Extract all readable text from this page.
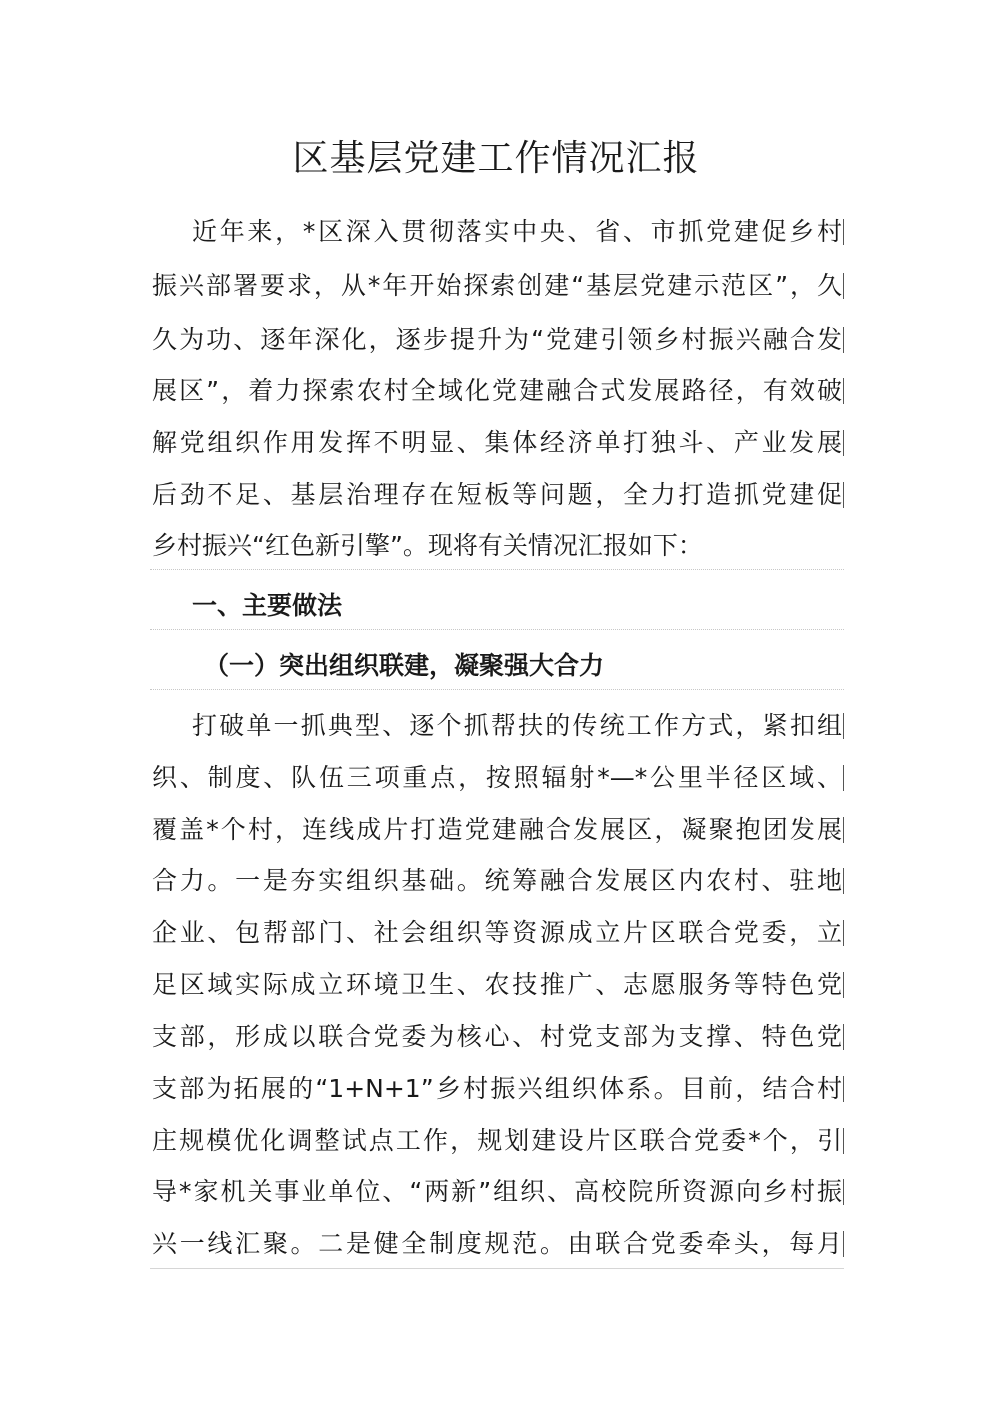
区基层党建工作情况汇报
近年来，*区深入贯彻落实中央、省、市抓党建促乡村
振兴部署要求，从*年开始探索创建“基层党建示范区”，久
久为功、逐年深化，逐步提升为“党建引领乡村振兴融合发
展区”，着力探索农村全域化党建融合式发展路径，有效破
解党组织作用发挥不明显、集体经济单打独斗、产业发展
后劲不足、基层治理存在短板等问题，全力打造抓党建促
乡村振兴“红色新引擎”。现将有关情况汇报如下：
一、主要做法
（一）突出组织联建，凝聚强大合力
打破单一抓典型、逐个抓帮扶的传统工作方式，紧扣组
织、制度、队伍三项重点，按照辐射*—*公里半径区域、
覆盖*个村，连线成片打造党建融合发展区，凝聚抱团发展
合力。一是夯实组织基础。统筹融合发展区内农村、驻地
企业、包帮部门、社会组织等资源成立片区联合党委，立
足区域实际成立环境卫生、农技推广、志愿服务等特色党
支部，形成以联合党委为核心、村党支部为支撑、特色党
支部为拓展的“1+N+1”乡村振兴组织体系。目前，结合村
庄规模优化调整试点工作，规划建设片区联合党委*个，引
导*家机关事业单位、“两新”组织、高校院所资源向乡村振
兴一线汇聚。二是健全制度规范。由联合党委牵头，每月
